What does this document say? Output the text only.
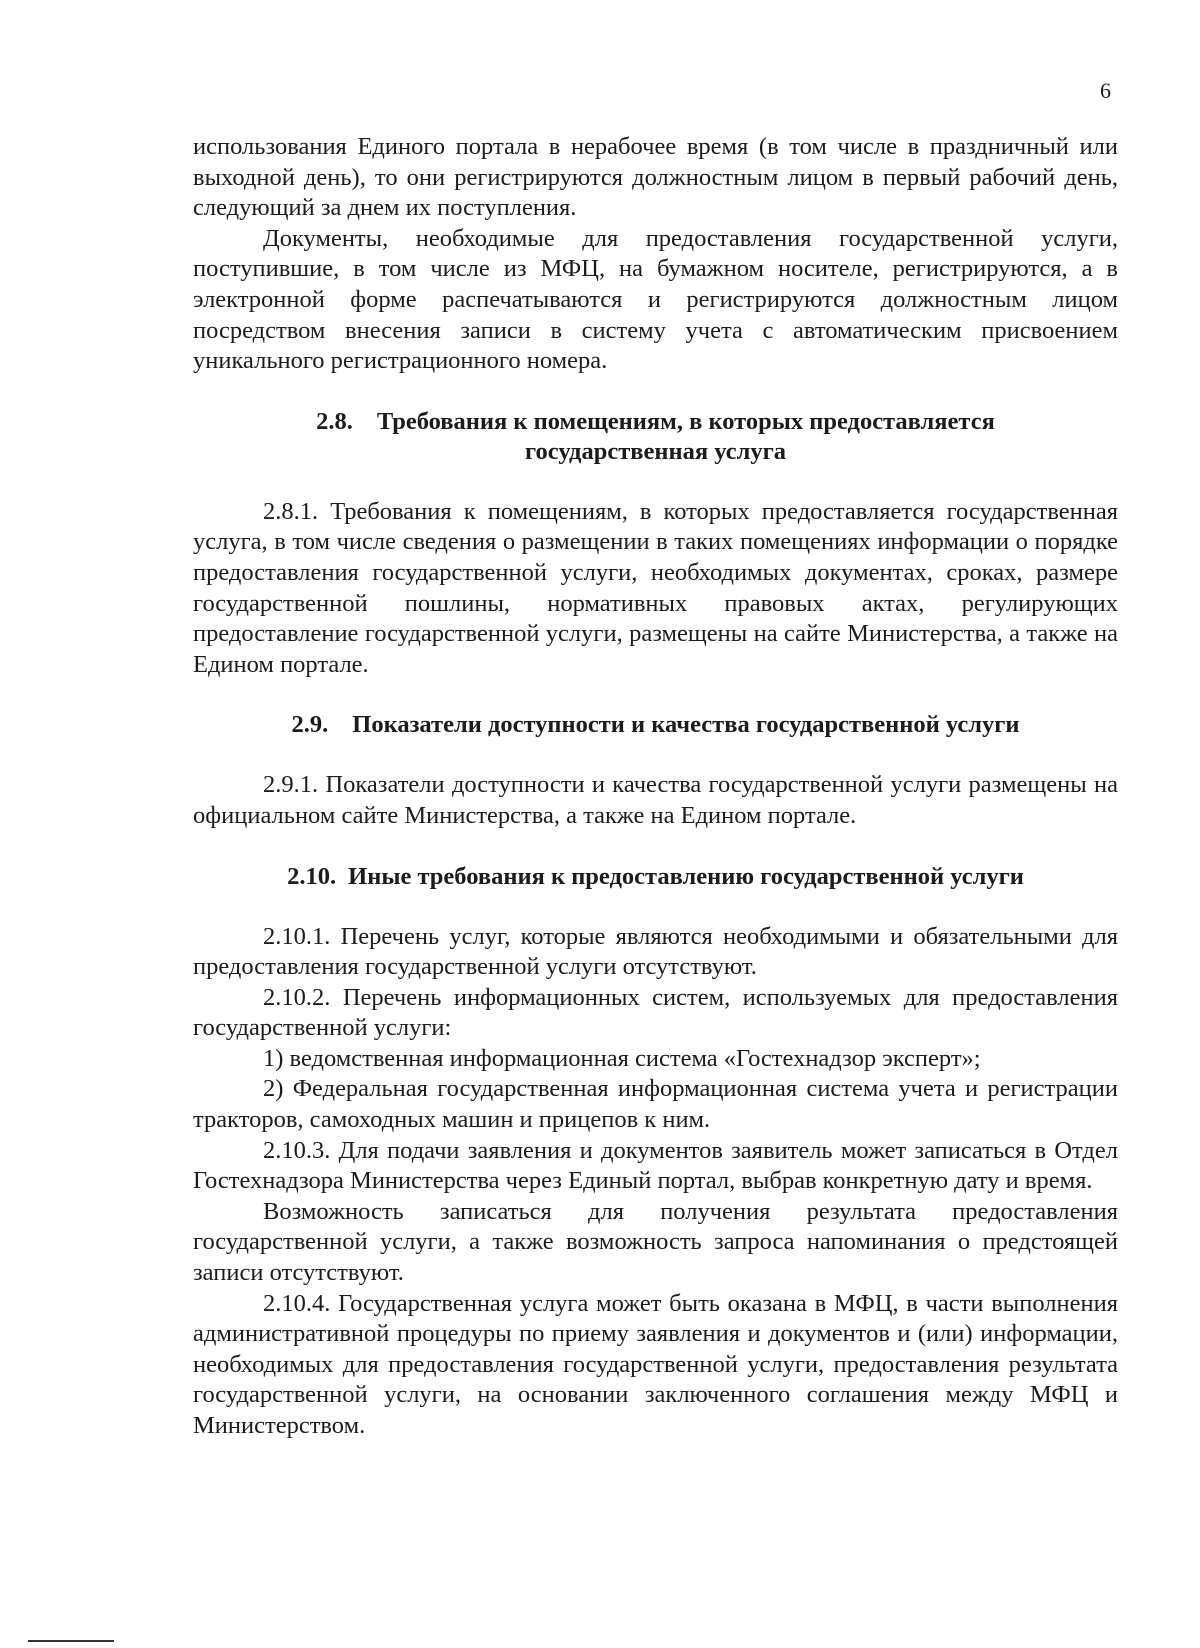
6

использования Единого портала в нерабочее время (в том числе в праздничный или выходной день), то они регистрируются должностным лицом в первый рабочий день, следующий за днем их поступления.

Документы, необходимые для предоставления государственной услуги, поступившие, в том числе из МФЦ, на бумажном носителе, регистрируются, а в электронной форме распечатываются и регистрируются должностным лицом посредством внесения записи в систему учета с автоматическим присвоением уникального регистрационного номера.

2.8. Требования к помещениям, в которых предоставляется

государственная услуга

2.8.1. Требования к помещениям, в которых предоставляется государственная услуга, в том числе сведения о размещении в таких помещениях информации о порядке предоставления государственной услуги, необходимых документах, сроках, размере государственной пошлины, нормативных правовых актах, регулирующих предоставление государственной услуги, размещены на сайте Министерства, а также на Едином портале.

2.9. Показатели доступности и качества государственной услуги

2.9.1. Показатели доступности и качества государственной услуги размещены на официальном сайте Министерства, а также на Едином портале.

2.10. Иные требования к предоставлению государственной услуги

2.10.1. Перечень услуг, которые являются необходимыми и обязательными для предоставления государственной услуги отсутствуют.

2.10.2. Перечень информационных систем, используемых для предоставления государственной услуги:

1) ведомственная информационная система «Гостехнадзор эксперт»;

2) Федеральная государственная информационная система учета и регистрации тракторов, самоходных машин и прицепов к ним.

2.10.3. Для подачи заявления и документов заявитель может записаться в Отдел Гостехнадзора Министерства через Единый портал, выбрав конкретную дату и время.

Возможность записаться для получения результата предоставления государственной услуги, а также возможность запроса напоминания о предстоящей записи отсутствуют.

2.10.4. Государственная услуга может быть оказана в МФЦ, в части выполнения административной процедуры по приему заявления и документов и (или) информации, необходимых для предоставления государственной услуги, предоставления результата государственной услуги, на основании заключенного соглашения между МФЦ и Министерством.
